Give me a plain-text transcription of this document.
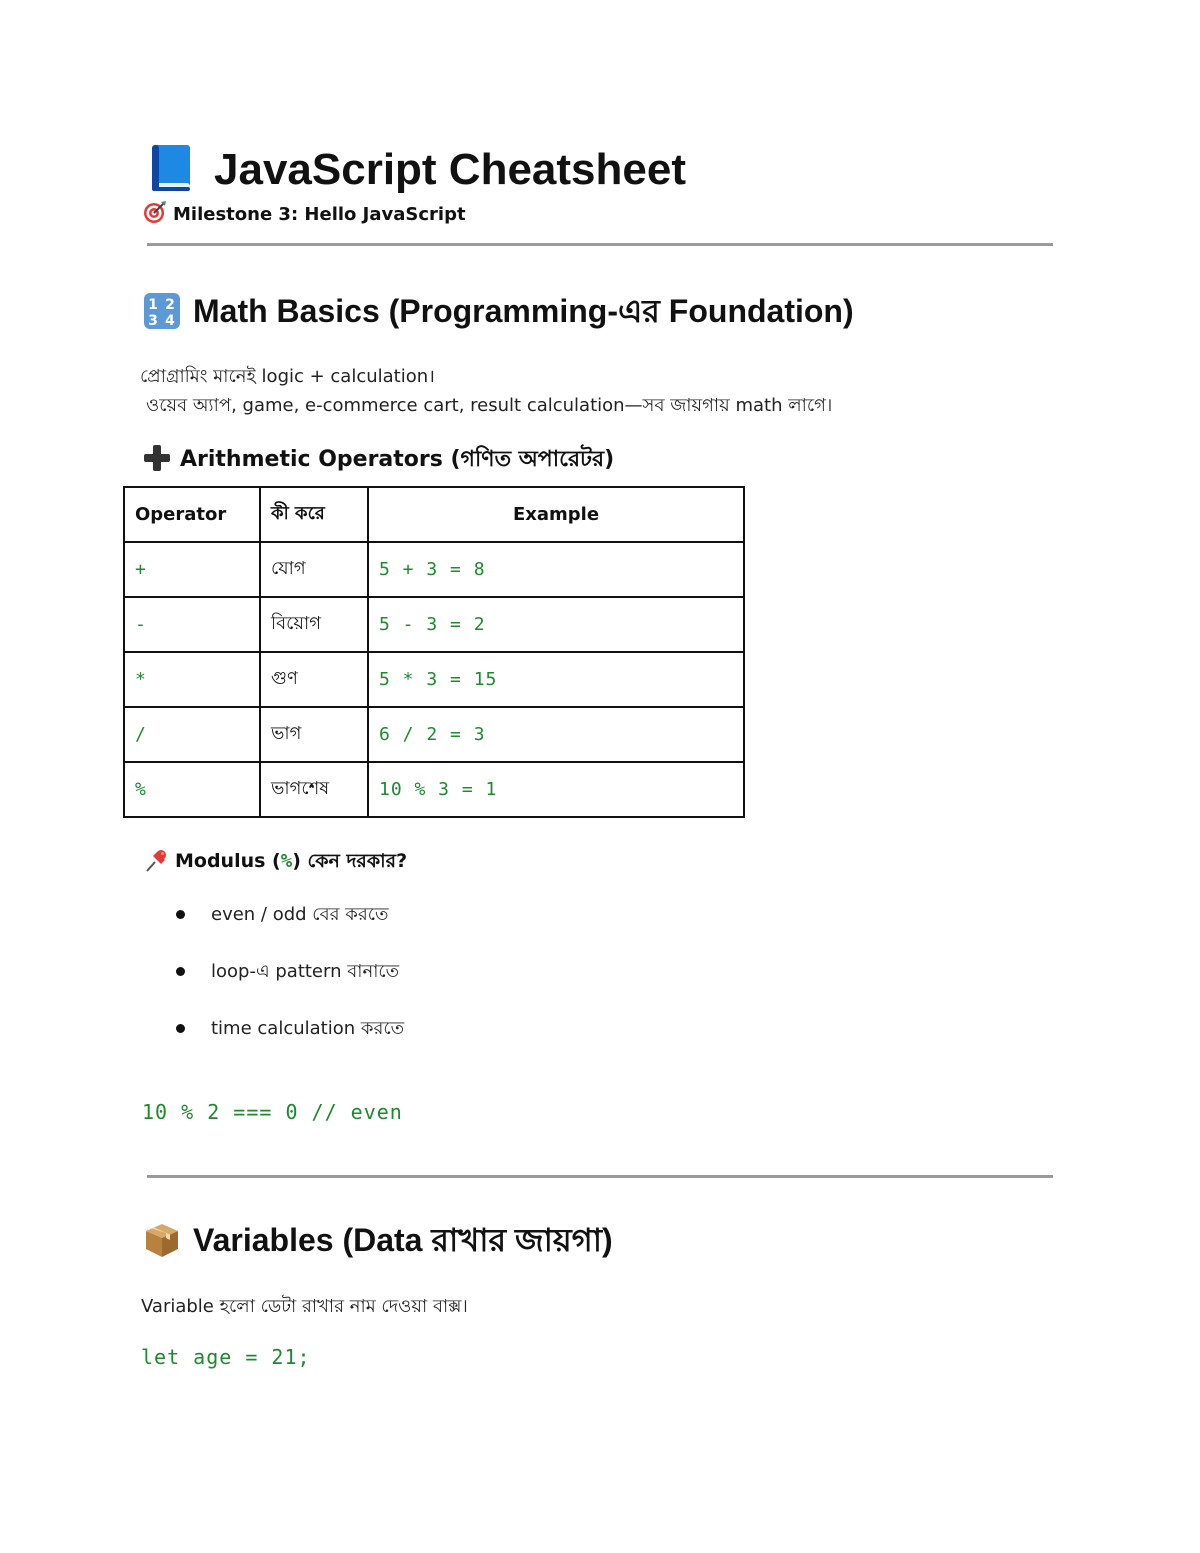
JavaScript Cheatsheet
Milestone 3: Hello JavaScript
1 2
3 4 Math Basics (Programming-এর Foundation)
প্রোগ্রামিং মানেই logic + calculation।
ওয়েব অ্যাপ, game, e-commerce cart, result calculation—সব জায়গায় math লাগে।
Arithmetic Operators (গণিত অপারেটর)
Operator	কী করে	Example
+	যোগ	5 + 3 = 8
-	বিয়োগ	5 - 3 = 2
*	গুণ	5 * 3 = 15
/	ভাগ	6 / 2 = 3
%	ভাগশেষ	10 % 3 = 1
Modulus (%) কেন দরকার?
even / odd বের করতে
loop-এ pattern বানাতে
time calculation করতে
10 % 2 === 0 // even
Variables (Data রাখার জায়গা)
Variable হলো ডেটা রাখার নাম দেওয়া বাক্স।
let age = 21;
